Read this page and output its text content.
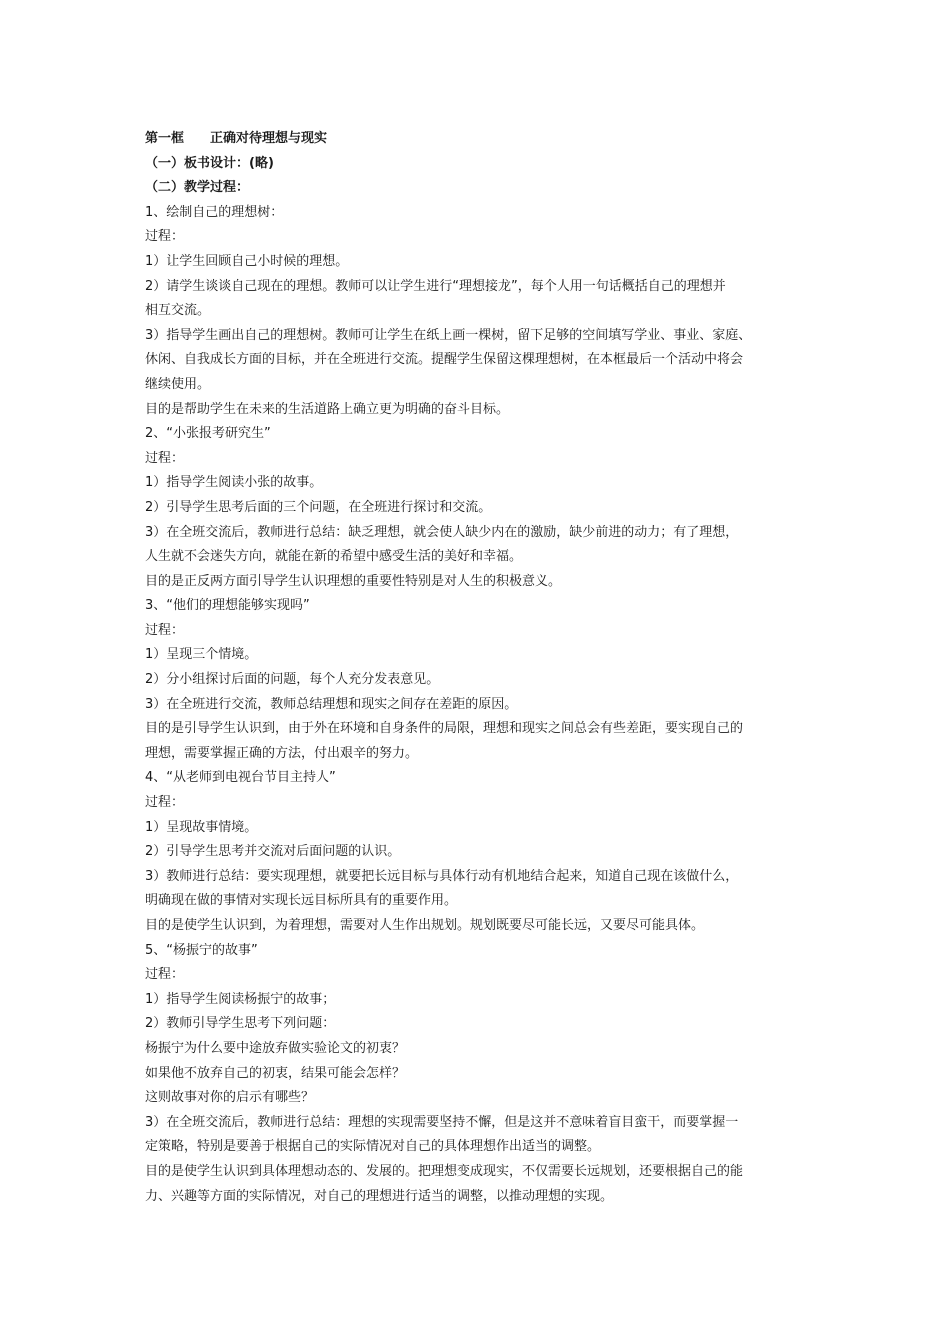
第一框 正确对待理想与现实

（一）板书设计：(略)

（二）教学过程：

1、绘制自己的理想树：

过程：

1）让学生回顾自己小时候的理想。

2）请学生谈谈自己现在的理想。教师可以让学生进行“理想接龙”，每个人用一句话概括自己的理想并

相互交流。

3）指导学生画出自己的理想树。教师可让学生在纸上画一棵树，留下足够的空间填写学业、事业、家庭、

休闲、自我成长方面的目标，并在全班进行交流。提醒学生保留这棵理想树，在本框最后一个活动中将会

继续使用。

目的是帮助学生在未来的生活道路上确立更为明确的奋斗目标。

2、“小张报考研究生”

过程：

1）指导学生阅读小张的故事。

2）引导学生思考后面的三个问题，在全班进行探讨和交流。

3）在全班交流后，教师进行总结：缺乏理想，就会使人缺少内在的激励，缺少前进的动力；有了理想，

人生就不会迷失方向，就能在新的希望中感受生活的美好和幸福。

目的是正反两方面引导学生认识理想的重要性特别是对人生的积极意义。

3、“他们的理想能够实现吗”

过程：

1）呈现三个情境。

2）分小组探讨后面的问题，每个人充分发表意见。

3）在全班进行交流，教师总结理想和现实之间存在差距的原因。

目的是引导学生认识到，由于外在环境和自身条件的局限，理想和现实之间总会有些差距，要实现自己的

理想，需要掌握正确的方法，付出艰辛的努力。

4、“从老师到电视台节目主持人”

过程：

1）呈现故事情境。

2）引导学生思考并交流对后面问题的认识。

3）教师进行总结：要实现理想，就要把长远目标与具体行动有机地结合起来，知道自己现在该做什么，

明确现在做的事情对实现长远目标所具有的重要作用。

目的是使学生认识到，为着理想，需要对人生作出规划。规划既要尽可能长远，又要尽可能具体。

5、“杨振宁的故事”

过程：

1）指导学生阅读杨振宁的故事；

2）教师引导学生思考下列问题：

杨振宁为什么要中途放弃做实验论文的初衷？

如果他不放弃自己的初衷，结果可能会怎样？

这则故事对你的启示有哪些？

3）在全班交流后，教师进行总结：理想的实现需要坚持不懈，但是这并不意味着盲目蛮干，而要掌握一

定策略，特别是要善于根据自己的实际情况对自己的具体理想作出适当的调整。

目的是使学生认识到具体理想动态的、发展的。把理想变成现实，不仅需要长远规划，还要根据自己的能

力、兴趣等方面的实际情况，对自己的理想进行适当的调整，以推动理想的实现。
